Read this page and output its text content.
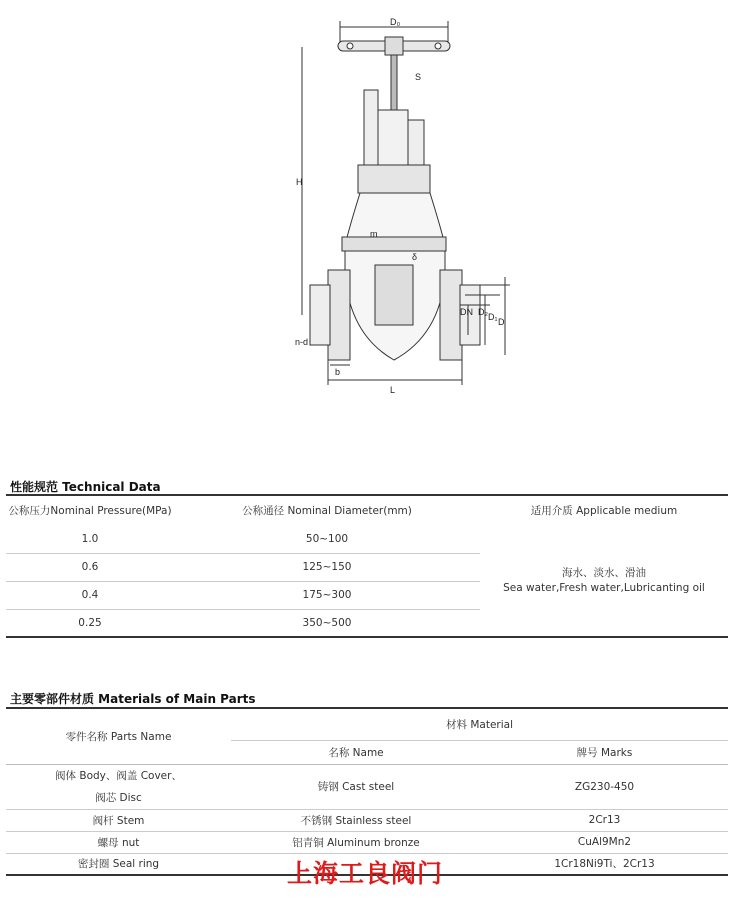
D₀
S
H
m
δ
DN D₂ D₁ D
n-d
b
L
性能规范 Technical Data
公称压力Nominal Pressure(MPa)	公称通径 Nominal Diameter(mm)	适用介质 Applicable medium
1.0	50~100	海水、淡水、滑油
Sea water,Fresh water,Lubricanting oil

0.6	125~150	
0.4	175~300	
0.25	350~500	
主要零部件材质 Materials of Main Parts
零件名称 Parts Name	材料 Material	
	名称 Name	牌号 Marks

阀体 Body、阀盖 Cover、
阀芯 Disc	铸钢 Cast steel	ZG230-450
阀杆 Stem	不锈钢 Stainless steel	2Cr13
螺母 nut	铝青铜 Aluminum bronze	CuAl9Mn2
密封圈 Seal ring		1Cr18Ni9Ti、2Cr13
上海工良阀门
